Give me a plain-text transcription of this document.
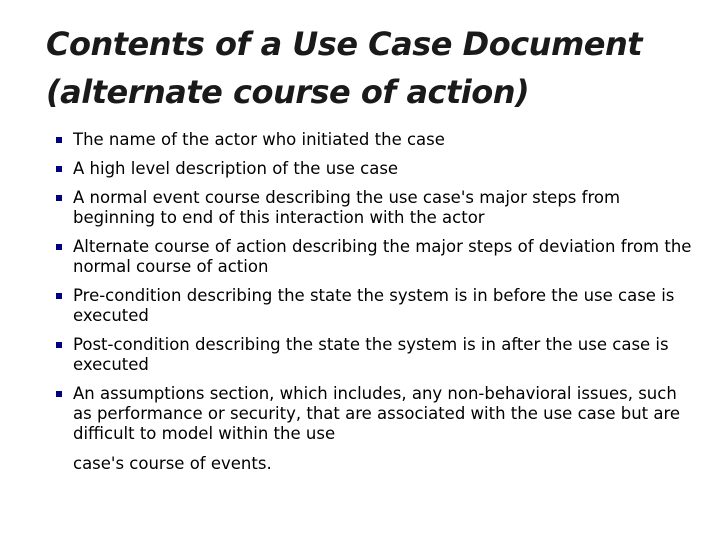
Contents of a Use Case Document
(alternate course of action)
The name of the actor who initiated the case
A high level description of the use case
A normal event course describing the use case's major steps from beginning to end of this interaction with the actor
Alternate course of action describing the major steps of deviation from the normal course of action
Pre-condition describing the state the system is in before the use case is executed
Post-condition describing the state the system is in after the use case is executed
An assumptions section, which includes, any non-behavioral issues, such as performance or security, that are associated with the use case but are difficult to model within the use

case's course of events.
